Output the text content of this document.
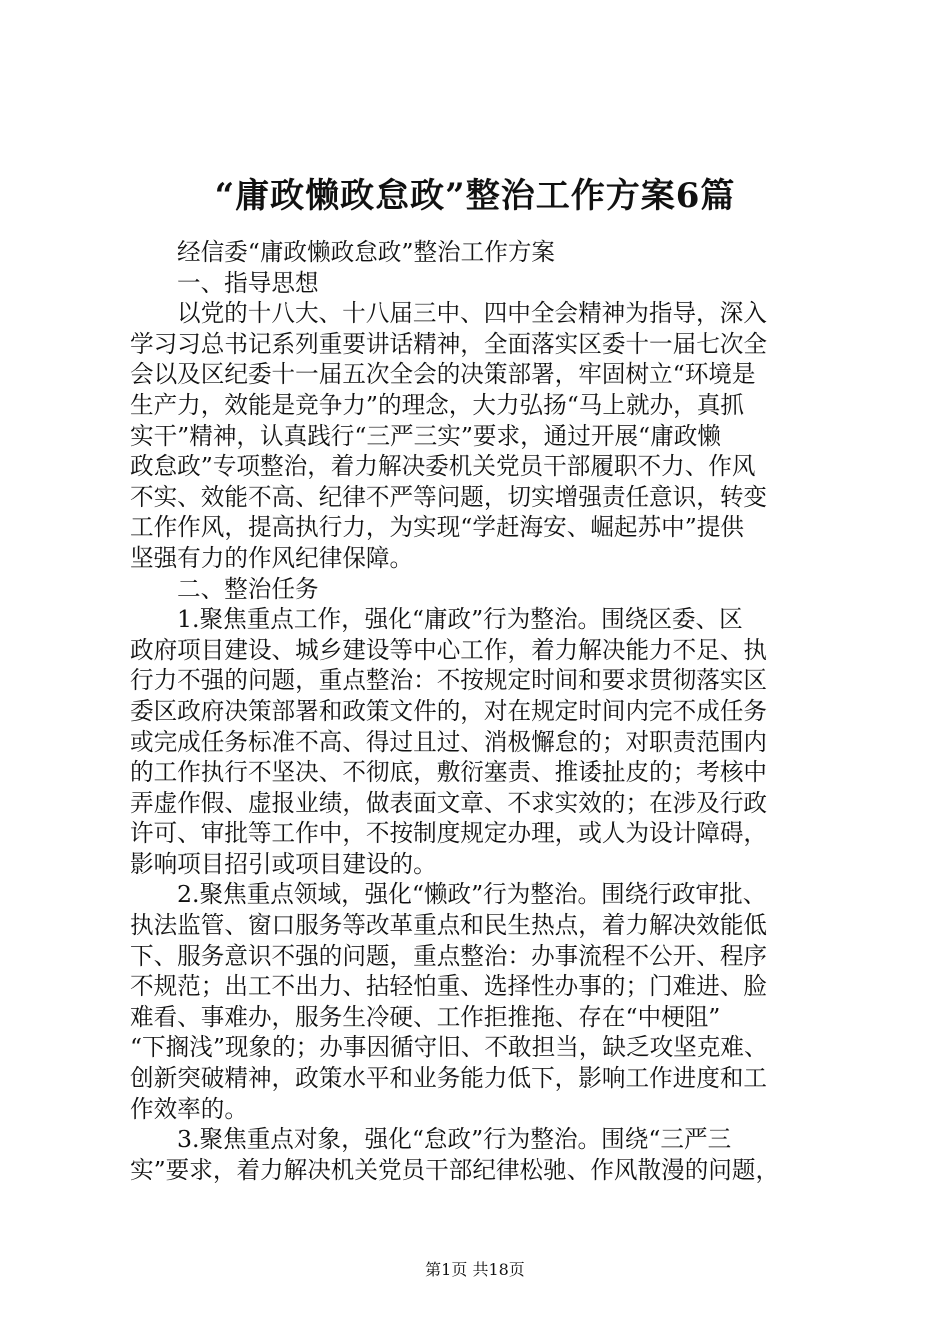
“庸政懒政怠政”整治工作方案6篇
经信委“庸政懒政怠政”整治工作方案
一、指导思想
以党的十八大、十八届三中、四中全会精神为指导，深入
学习习总书记系列重要讲话精神，全面落实区委十一届七次全
会以及区纪委十一届五次全会的决策部署，牢固树立“环境是
生产力，效能是竞争力”的理念，大力弘扬“马上就办，真抓
实干”精神，认真践行“三严三实”要求，通过开展“庸政懒
政怠政”专项整治，着力解决委机关党员干部履职不力、作风
不实、效能不高、纪律不严等问题，切实增强责任意识，转变
工作作风，提高执行力，为实现“学赶海安、崛起苏中”提供
坚强有力的作风纪律保障。
二、整治任务
1.聚焦重点工作，强化“庸政”行为整治。围绕区委、区
政府项目建设、城乡建设等中心工作，着力解决能力不足、执
行力不强的问题，重点整治：不按规定时间和要求贯彻落实区
委区政府决策部署和政策文件的，对在规定时间内完不成任务
或完成任务标准不高、得过且过、消极懈怠的；对职责范围内
的工作执行不坚决、不彻底，敷衍塞责、推诿扯皮的；考核中
弄虚作假、虚报业绩，做表面文章、不求实效的；在涉及行政
许可、审批等工作中，不按制度规定办理，或人为设计障碍，
影响项目招引或项目建设的。
2.聚焦重点领域，强化“懒政”行为整治。围绕行政审批、
执法监管、窗口服务等改革重点和民生热点，着力解决效能低
下、服务意识不强的问题，重点整治：办事流程不公开、程序
不规范；出工不出力、拈轻怕重、选择性办事的；门难进、脸
难看、事难办，服务生冷硬、工作拒推拖、存在“中梗阻”
“下搁浅”现象的；办事因循守旧、不敢担当，缺乏攻坚克难、
创新突破精神，政策水平和业务能力低下，影响工作进度和工
作效率的。
3.聚焦重点对象，强化“怠政”行为整治。围绕“三严三
实”要求，着力解决机关党员干部纪律松驰、作风散漫的问题，
第1页 共18页
